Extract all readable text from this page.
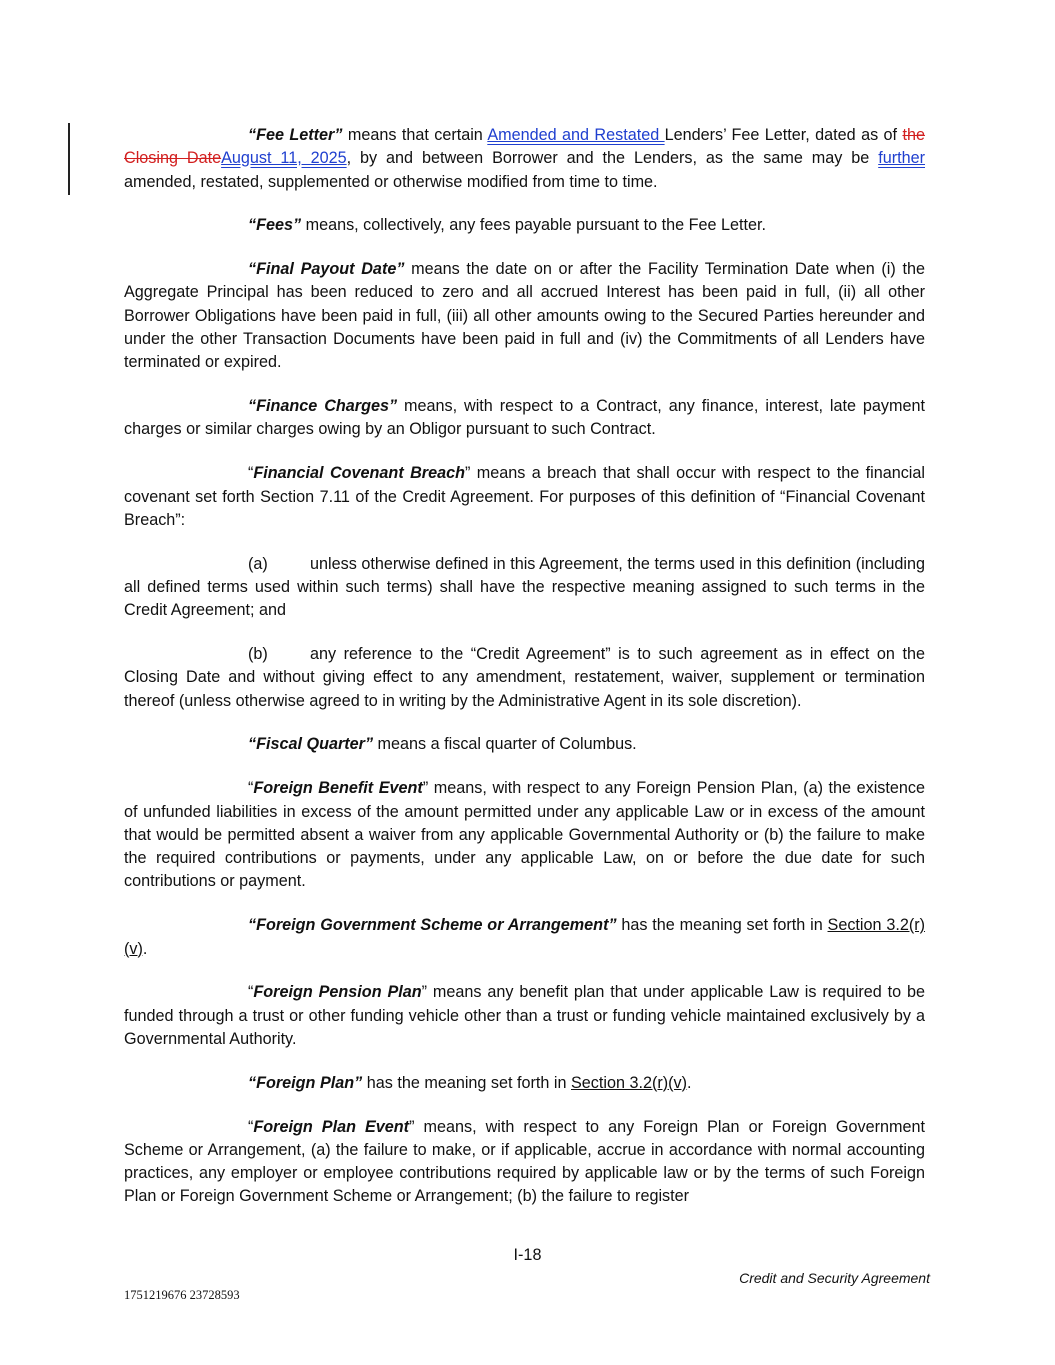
“Fee Letter” means that certain Amended and Restated Lenders’ Fee Letter, dated as of the Closing DateAugust 11, 2025, by and between Borrower and the Lenders, as the same may be further amended, restated, supplemented or otherwise modified from time to time.

“Fees” means, collectively, any fees payable pursuant to the Fee Letter.

“Final Payout Date” means the date on or after the Facility Termination Date when (i) the Aggregate Principal has been reduced to zero and all accrued Interest has been paid in full, (ii) all other Borrower Obligations have been paid in full, (iii) all other amounts owing to the Secured Parties hereunder and under the other Transaction Documents have been paid in full and (iv) the Commitments of all Lenders have terminated or expired.

“Finance Charges” means, with respect to a Contract, any finance, interest, late payment charges or similar charges owing by an Obligor pursuant to such Contract.

“Financial Covenant Breach” means a breach that shall occur with respect to the financial covenant set forth Section 7.11 of the Credit Agreement. For purposes of this definition of “Financial Covenant Breach”:

(a)	unless otherwise defined in this Agreement, the terms used in this definition (including all defined terms used within such terms) shall have the respective meaning assigned to such terms in the Credit Agreement; and

(b)	any reference to the “Credit Agreement” is to such agreement as in effect on the Closing Date and without giving effect to any amendment, restatement, waiver, supplement or termination thereof (unless otherwise agreed to in writing by the Administrative Agent in its sole discretion).

“Fiscal Quarter” means a fiscal quarter of Columbus.

“Foreign Benefit Event” means, with respect to any Foreign Pension Plan, (a) the existence of unfunded liabilities in excess of the amount permitted under any applicable Law or in excess of the amount that would be permitted absent a waiver from any applicable Governmental Authority or (b) the failure to make the required contributions or payments, under any applicable Law, on or before the due date for such contributions or payment.

“Foreign Government Scheme or Arrangement” has the meaning set forth in Section 3.2(r)(v).

“Foreign Pension Plan” means any benefit plan that under applicable Law is required to be funded through a trust or other funding vehicle other than a trust or funding vehicle maintained exclusively by a Governmental Authority.

“Foreign Plan” has the meaning set forth in Section 3.2(r)(v).

“Foreign Plan Event” means, with respect to any Foreign Plan or Foreign Government Scheme or Arrangement, (a) the failure to make, or if applicable, accrue in accordance with normal accounting practices, any employer or employee contributions required by applicable law or by the terms of such Foreign Plan or Foreign Government Scheme or Arrangement; (b) the failure to register

I-18
Credit and Security Agreement
1751219676 23728593
